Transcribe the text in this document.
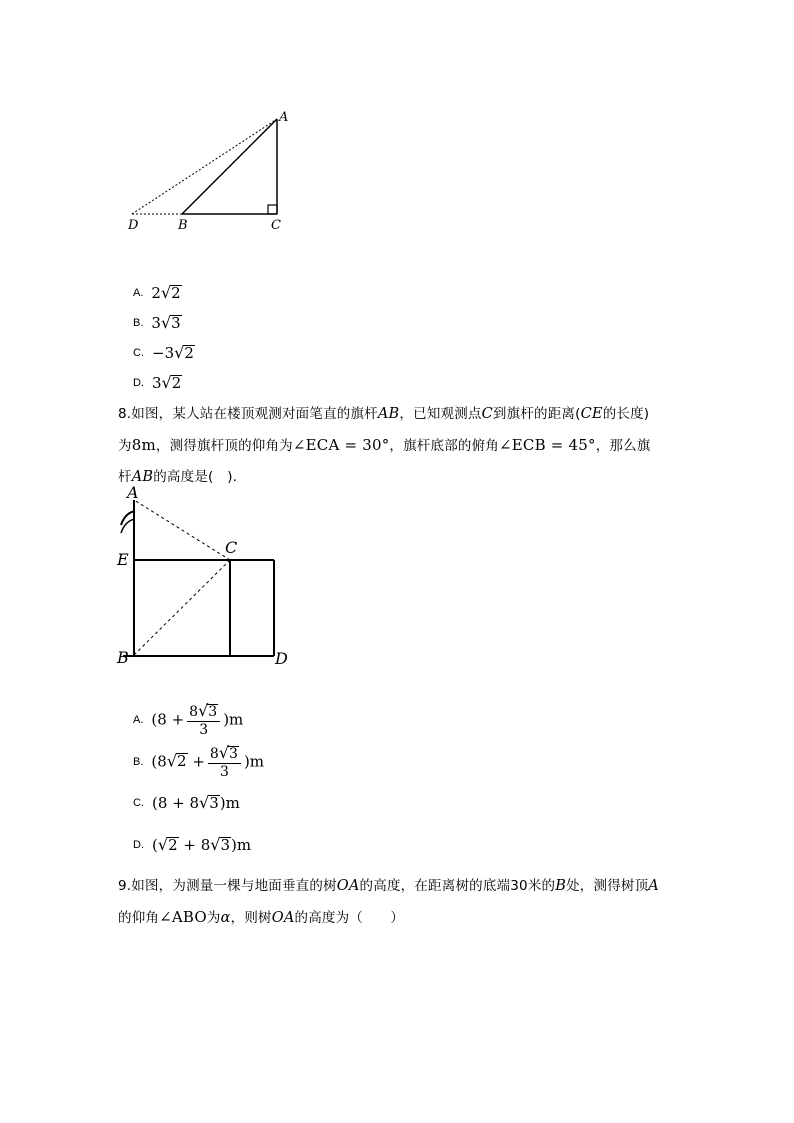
A
D	B	C
A. 2√2
B. 3√3
C. −3√2
D. 3√2
8.如图，某人站在楼顶观测对面笔直的旗杆AB，已知观测点C到旗杆的距离(CE的长度)
为8m，测得旗杆顶的仰角为∠ECA = 30°，旗杆底部的俯角∠ECB = 45°，那么旗
杆AB的高度是(　).
A
C
E
B	D
A. $(8 + \frac{8√3}{3} )m$
B. $(8√2 + \frac{8√3}{3} )m$
C. (8 + 8√3)m
D. (√2 + 8√3)m
9.如图，为测量一棵与地面垂直的树OA的高度，在距离树的底端30米的B处，测得树顶A
的仰角∠ABO为α，则树OA的高度为（　　）
